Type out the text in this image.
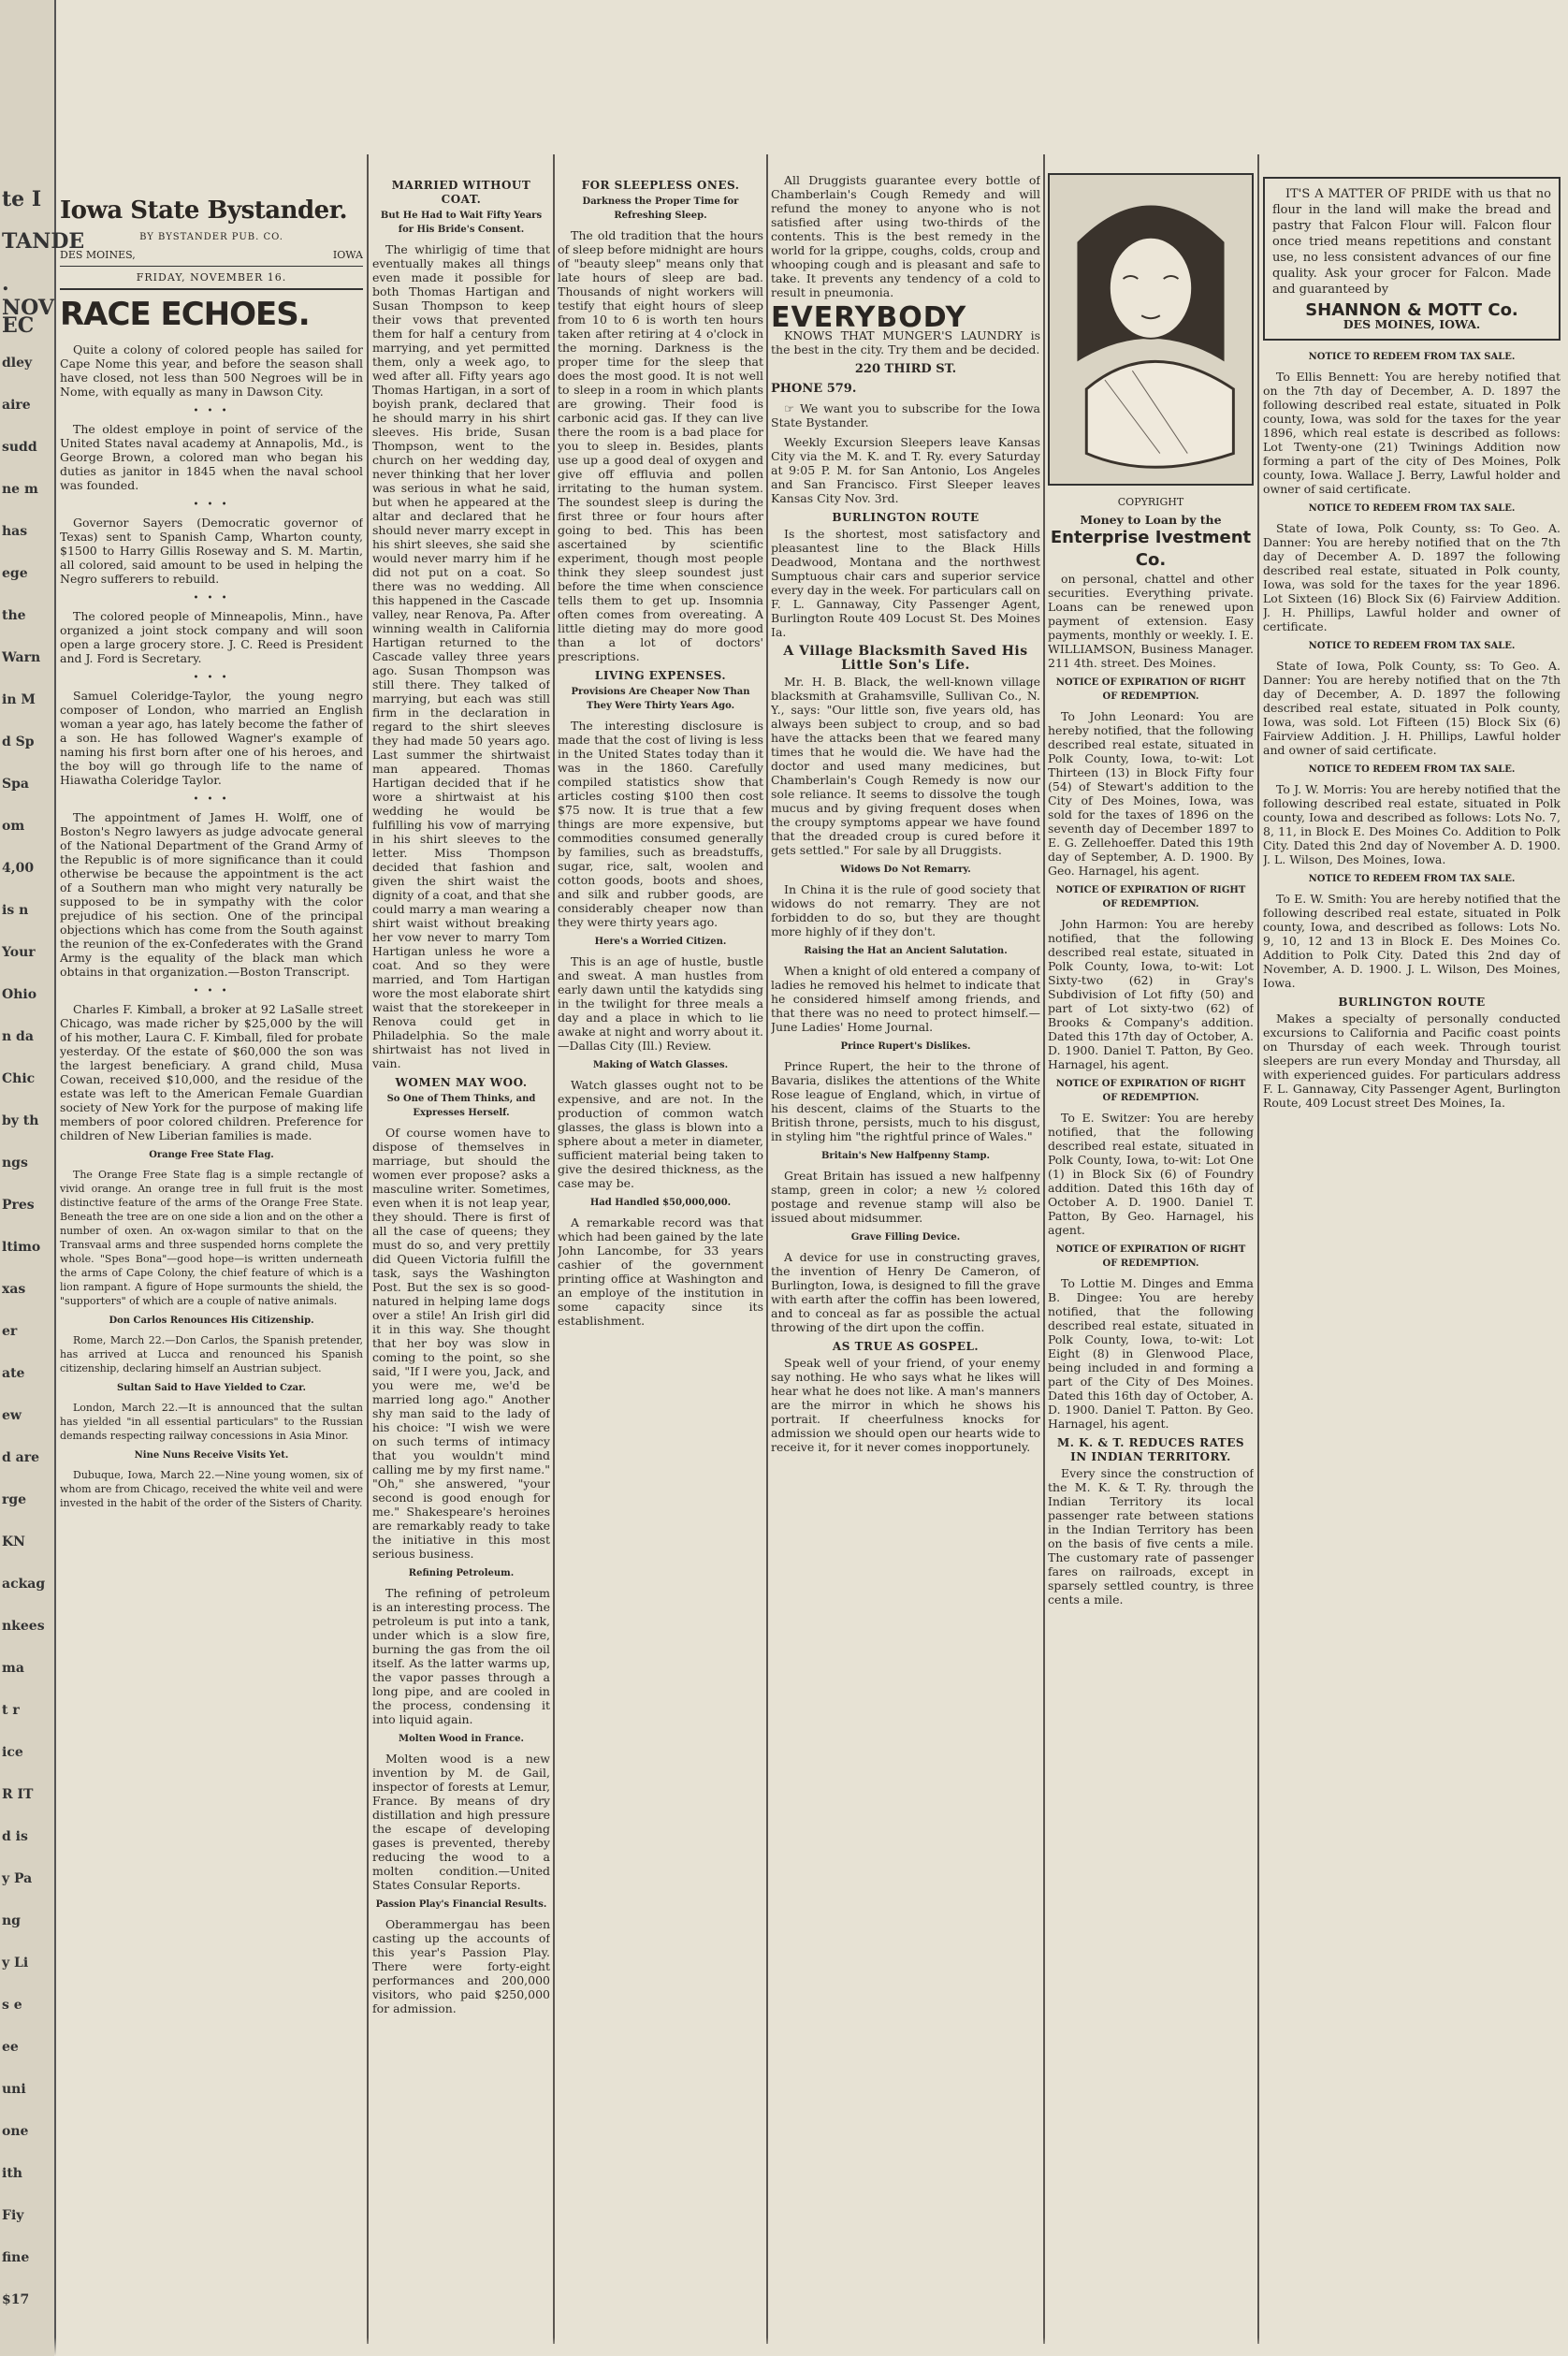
te I
TANDE
. NOV
EC
dley
aire
sudd
ne m
has
ege
the
Warn
in M
d Sp
Spa
om
4,00
is n
Your
Ohio
n da
Chic
by th
ngs
Pres
ltimo
xas
er
ate
ew
d are
rge
KN
ackag
nkees
ma
t r
ice
R IT
d is
y Pa
ng
y Li
s e
ee
uni
one
ith
Fiy
fine
$17
Iowa State Bystander.
BY BYSTANDER PUB. CO.
DES MOINES,	IOWA
FRIDAY, NOVEMBER 16.
RACE ECHOES.

Quite a colony of colored people has sailed for Cape Nome this year, and before the season shall have closed, not less than 500 Negroes will be in Nome, with equally as many in Dawson City.

• • •

The oldest employe in point of service of the United States naval academy at Annapolis, Md., is George Brown, a colored man who began his duties as janitor in 1845 when the naval school was founded.

• • •

Governor Sayers (Democratic governor of Texas) sent to Spanish Camp, Wharton county, $1500 to Harry Gillis Roseway and S. M. Martin, all colored, said amount to be used in helping the Negro sufferers to rebuild.

• • •

The colored people of Minneapolis, Minn., have organized a joint stock company and will soon open a large grocery store. J. C. Reed is President and J. Ford is Secretary.

• • •

Samuel Coleridge-Taylor, the young negro composer of London, who married an English woman a year ago, has lately become the father of a son. He has followed Wagner's example of naming his first born after one of his heroes, and the boy will go through life to the name of Hiawatha Coleridge Taylor.

• • •

The appointment of James H. Wolff, one of Boston's Negro lawyers as judge advocate general of the National Department of the Grand Army of the Republic is of more significance than it could otherwise be because the appointment is the act of a Southern man who might very naturally be supposed to be in sympathy with the color prejudice of his section. One of the principal objections which has come from the South against the reunion of the ex-Confederates with the Grand Army is the equality of the black man which obtains in that organization.—Boston Transcript.

• • •

Charles F. Kimball, a broker at 92 LaSalle street Chicago, was made richer by $25,000 by the will of his mother, Laura C. F. Kimball, filed for probate yesterday. Of the estate of $60,000 the son was the largest beneficiary. A grand child, Musa Cowan, received $10,000, and the residue of the estate was left to the American Female Guardian society of New York for the purpose of making life members of poor colored children. Preference for children of New Liberian families is made.

Orange Free State Flag.

The Orange Free State flag is a simple rectangle of vivid orange. An orange tree in full fruit is the most distinctive feature of the arms of the Orange Free State. Beneath the tree are on one side a lion and on the other a number of oxen. An ox-wagon similar to that on the Transvaal arms and three suspended horns complete the whole. "Spes Bona"—good hope—is written underneath the arms of Cape Colony, the chief feature of which is a lion rampant. A figure of Hope surmounts the shield, the "supporters" of which are a couple of native animals.

Don Carlos Renounces His Citizenship.

Rome, March 22.—Don Carlos, the Spanish pretender, has arrived at Lucca and renounced his Spanish citizenship, declaring himself an Austrian subject.

Sultan Said to Have Yielded to Czar.

London, March 22.—It is announced that the sultan has yielded "in all essential particulars" to the Russian demands respecting railway concessions in Asia Minor.

Nine Nuns Receive Visits Yet.

Dubuque, Iowa, March 22.—Nine young women, six of whom are from Chicago, received the white veil and were invested in the habit of the order of the Sisters of Charity.

MARRIED WITHOUT COAT.
But He Had to Wait Fifty Years for His Bride's Consent.

The whirligig of time that eventually makes all things even made it possible for both Thomas Hartigan and Susan Thompson to keep their vows that prevented them for half a century from marrying, and yet permitted them, only a week ago, to wed after all. Fifty years ago Thomas Hartigan, in a sort of boyish prank, declared that he should marry in his shirt sleeves. His bride, Susan Thompson, went to the church on her wedding day, never thinking that her lover was serious in what he said, but when he appeared at the altar and declared that he should never marry except in his shirt sleeves, she said she would never marry him if he did not put on a coat. So there was no wedding. All this happened in the Cascade valley, near Renova, Pa. After winning wealth in California Hartigan returned to the Cascade valley three years ago. Susan Thompson was still there. They talked of marrying, but each was still firm in the declaration in regard to the shirt sleeves they had made 50 years ago. Last summer the shirtwaist man appeared. Thomas Hartigan decided that if he wore a shirtwaist at his wedding he would be fulfilling his vow of marrying in his shirt sleeves to the letter. Miss Thompson decided that fashion and given the shirt waist the dignity of a coat, and that she could marry a man wearing a shirt waist without breaking her vow never to marry Tom Hartigan unless he wore a coat. And so they were married, and Tom Hartigan wore the most elaborate shirt waist that the storekeeper in Renova could get in Philadelphia. So the male shirtwaist has not lived in vain.

WOMEN MAY WOO.
So One of Them Thinks, and Expresses Herself.

Of course women have to dispose of themselves in marriage, but should the women ever propose? asks a masculine writer. Sometimes, even when it is not leap year, they should. There is first of all the case of queens; they must do so, and very prettily did Queen Victoria fulfill the task, says the Washington Post. But the sex is so good-natured in helping lame dogs over a stile! An Irish girl did it in this way. She thought that her boy was slow in coming to the point, so she said, "If I were you, Jack, and you were me, we'd be married long ago." Another shy man said to the lady of his choice: "I wish we were on such terms of intimacy that you wouldn't mind calling me by my first name." "Oh," she answered, "your second is good enough for me." Shakespeare's heroines are remarkably ready to take the initiative in this most serious business.

Refining Petroleum.

The refining of petroleum is an interesting process. The petroleum is put into a tank, under which is a slow fire, burning the gas from the oil itself. As the latter warms up, the vapor passes through a long pipe, and are cooled in the process, condensing it into liquid again.

Molten Wood in France.

Molten wood is a new invention by M. de Gail, inspector of forests at Lemur, France. By means of dry distillation and high pressure the escape of developing gases is prevented, thereby reducing the wood to a molten condition.—United States Consular Reports.

Passion Play's Financial Results.

Oberammergau has been casting up the accounts of this year's Passion Play. There were forty-eight performances and 200,000 visitors, who paid $250,000 for admission.

FOR SLEEPLESS ONES.
Darkness the Proper Time for Refreshing Sleep.

The old tradition that the hours of sleep before midnight are hours of "beauty sleep" means only that late hours of sleep are bad. Thousands of night workers will testify that eight hours of sleep from 10 to 6 is worth ten hours taken after retiring at 4 o'clock in the morning. Darkness is the proper time for the sleep that does the most good. It is not well to sleep in a room in which plants are growing. Their food is carbonic acid gas. If they can live there the room is a bad place for you to sleep in. Besides, plants use up a good deal of oxygen and give off effluvia and pollen irritating to the human system. The soundest sleep is during the first three or four hours after going to bed. This has been ascertained by scientific experiment, though most people think they sleep soundest just before the time when conscience tells them to get up. Insomnia often comes from overeating. A little dieting may do more good than a lot of doctors' prescriptions.

LIVING EXPENSES.
Provisions Are Cheaper Now Than They Were Thirty Years Ago.

The interesting disclosure is made that the cost of living is less in the United States today than it was in the 1860. Carefully compiled statistics show that articles costing $100 then cost $75 now. It is true that a few things are more expensive, but commodities consumed generally by families, such as breadstuffs, sugar, rice, salt, woolen and cotton goods, boots and shoes, and silk and rubber goods, are considerably cheaper now than they were thirty years ago.

Here's a Worried Citizen.

This is an age of hustle, bustle and sweat. A man hustles from early dawn until the katydids sing in the twilight for three meals a day and a place in which to lie awake at night and worry about it.—Dallas City (Ill.) Review.

Making of Watch Glasses.

Watch glasses ought not to be expensive, and are not. In the production of common watch glasses, the glass is blown into a sphere about a meter in diameter, sufficient material being taken to give the desired thickness, as the case may be.

Had Handled $50,000,000.

A remarkable record was that which had been gained by the late John Lancombe, for 33 years cashier of the government printing office at Washington and an employe of the institution in some capacity since its establishment.

All Druggists guarantee every bottle of Chamberlain's Cough Remedy and will refund the money to anyone who is not satisfied after using two-thirds of the contents. This is the best remedy in the world for la grippe, coughs, colds, croup and whooping cough and is pleasant and safe to take. It prevents any tendency of a cold to result in pneumonia.

EVERYBODY

KNOWS THAT MUNGER'S LAUNDRY is the best in the city. Try them and be decided.

220 THIRD ST.
PHONE 579.

☞ We want you to subscribe for the Iowa State Bystander.

Weekly Excursion Sleepers leave Kansas City via the M. K. and T. Ry. every Saturday at 9:05 P. M. for San Antonio, Los Angeles and San Francisco. First Sleeper leaves Kansas City Nov. 3rd.

BURLINGTON ROUTE

Is the shortest, most satisfactory and pleasantest line to the Black Hills Deadwood, Montana and the northwest Sumptuous chair cars and superior service every day in the week. For particulars call on F. L. Gannaway, City Passenger Agent, Burlington Route 409 Locust St. Des Moines Ia.

A Village Blacksmith Saved His Little Son's Life.

Mr. H. B. Black, the well-known village blacksmith at Grahamsville, Sullivan Co., N. Y., says: "Our little son, five years old, has always been subject to croup, and so bad have the attacks been that we feared many times that he would die. We have had the doctor and used many medicines, but Chamberlain's Cough Remedy is now our sole reliance. It seems to dissolve the tough mucus and by giving frequent doses when the croupy symptoms appear we have found that the dreaded croup is cured before it gets settled." For sale by all Druggists.

Widows Do Not Remarry.

In China it is the rule of good society that widows do not remarry. They are not forbidden to do so, but they are thought more highly of if they don't.

Raising the Hat an Ancient Salutation.

When a knight of old entered a company of ladies he removed his helmet to indicate that he considered himself among friends, and that there was no need to protect himself.—June Ladies' Home Journal.

Prince Rupert's Dislikes.

Prince Rupert, the heir to the throne of Bavaria, dislikes the attentions of the White Rose league of England, which, in virtue of his descent, claims of the Stuarts to the British throne, persists, much to his disgust, in styling him "the rightful prince of Wales."

Britain's New Halfpenny Stamp.

Great Britain has issued a new halfpenny stamp, green in color; a new ½ colored postage and revenue stamp will also be issued about midsummer.

Grave Filling Device.

A device for use in constructing graves, the invention of Henry De Cameron, of Burlington, Iowa, is designed to fill the grave with earth after the coffin has been lowered, and to conceal as far as possible the actual throwing of the dirt upon the coffin.

AS TRUE AS GOSPEL.

Speak well of your friend, of your enemy say nothing. He who says what he likes will hear what he does not like. A man's manners are the mirror in which he shows his portrait. If cheerfulness knocks for admission we should open our hearts wide to receive it, for it never comes inopportunely.

COPYRIGHT
Money to Loan by the
Enterprise Ivestment Co.

on personal, chattel and other securities. Everything private. Loans can be renewed upon payment of extension. Easy payments, monthly or weekly. I. E. WILLIAMSON, Business Manager. 211 4th. street. Des Moines.

NOTICE OF EXPIRATION OF RIGHT OF REDEMPTION.

To John Leonard: You are hereby notified, that the following described real estate, situated in Polk County, Iowa, to-wit: Lot Thirteen (13) in Block Fifty four (54) of Stewart's addition to the City of Des Moines, Iowa, was sold for the taxes of 1896 on the seventh day of December 1897 to E. G. Zellehoeffer. Dated this 19th day of September, A. D. 1900. By Geo. Harnagel, his agent.

NOTICE OF EXPIRATION OF RIGHT OF REDEMPTION.

John Harmon: You are hereby notified, that the following described real estate, situated in Polk County, Iowa, to-wit: Lot Sixty-two (62) in Gray's Subdivision of Lot fifty (50) and part of Lot sixty-two (62) of Brooks & Company's addition. Dated this 17th day of October, A. D. 1900. Daniel T. Patton, By Geo. Harnagel, his agent.

NOTICE OF EXPIRATION OF RIGHT OF REDEMPTION.

To E. Switzer: You are hereby notified, that the following described real estate, situated in Polk County, Iowa, to-wit: Lot One (1) in Block Six (6) of Foundry addition. Dated this 16th day of October A. D. 1900. Daniel T. Patton, By Geo. Harnagel, his agent.

NOTICE OF EXPIRATION OF RIGHT OF REDEMPTION.

To Lottie M. Dinges and Emma B. Dingee: You are hereby notified, that the following described real estate, situated in Polk County, Iowa, to-wit: Lot Eight (8) in Glenwood Place, being included in and forming a part of the City of Des Moines. Dated this 16th day of October, A. D. 1900. Daniel T. Patton. By Geo. Harnagel, his agent.

M. K. & T. REDUCES RATES IN INDIAN TERRITORY.

Every since the construction of the M. K. & T. Ry. through the Indian Territory its local passenger rate between stations in the Indian Territory has been on the basis of five cents a mile. The customary rate of passenger fares on railroads, except in sparsely settled country, is three cents a mile.

IT'S A MATTER OF PRIDE with us that no flour in the land will make the bread and pastry that Falcon Flour will. Falcon flour once tried means repetitions and constant use, no less consistent advances of our fine quality. Ask your grocer for Falcon. Made and guaranteed by

SHANNON & MOTT Co.
DES MOINES, IOWA.
NOTICE TO REDEEM FROM TAX SALE.

To Ellis Bennett: You are hereby notified that on the 7th day of December, A. D. 1897 the following described real estate, situated in Polk county, Iowa, was sold for the taxes for the year 1896, which real estate is described as follows: Lot Twenty-one (21) Twinings Addition now forming a part of the city of Des Moines, Polk county, Iowa. Wallace J. Berry, Lawful holder and owner of said certificate.

NOTICE TO REDEEM FROM TAX SALE.

State of Iowa, Polk County, ss: To Geo. A. Danner: You are hereby notified that on the 7th day of December A. D. 1897 the following described real estate, situated in Polk county, Iowa, was sold for the taxes for the year 1896. Lot Sixteen (16) Block Six (6) Fairview Addition. J. H. Phillips, Lawful holder and owner of certificate.

NOTICE TO REDEEM FROM TAX SALE.

State of Iowa, Polk County, ss: To Geo. A. Danner: You are hereby notified that on the 7th day of December, A. D. 1897 the following described real estate, situated in Polk county, Iowa, was sold. Lot Fifteen (15) Block Six (6) Fairview Addition. J. H. Phillips, Lawful holder and owner of said certificate.

NOTICE TO REDEEM FROM TAX SALE.

To J. W. Morris: You are hereby notified that the following described real estate, situated in Polk county, Iowa and described as follows: Lots No. 7, 8, 11, in Block E. Des Moines Co. Addition to Polk City. Dated this 2nd day of November A. D. 1900. J. L. Wilson, Des Moines, Iowa.

NOTICE TO REDEEM FROM TAX SALE.

To E. W. Smith: You are hereby notified that the following described real estate, situated in Polk county, Iowa, and described as follows: Lots No. 9, 10, 12 and 13 in Block E. Des Moines Co. Addition to Polk City. Dated this 2nd day of November, A. D. 1900. J. L. Wilson, Des Moines, Iowa.

BURLINGTON ROUTE

Makes a specialty of personally conducted excursions to California and Pacific coast points on Thursday of each week. Through tourist sleepers are run every Monday and Thursday, all with experienced guides. For particulars address F. L. Gannaway, City Passenger Agent, Burlington Route, 409 Locust street Des Moines, Ia.
